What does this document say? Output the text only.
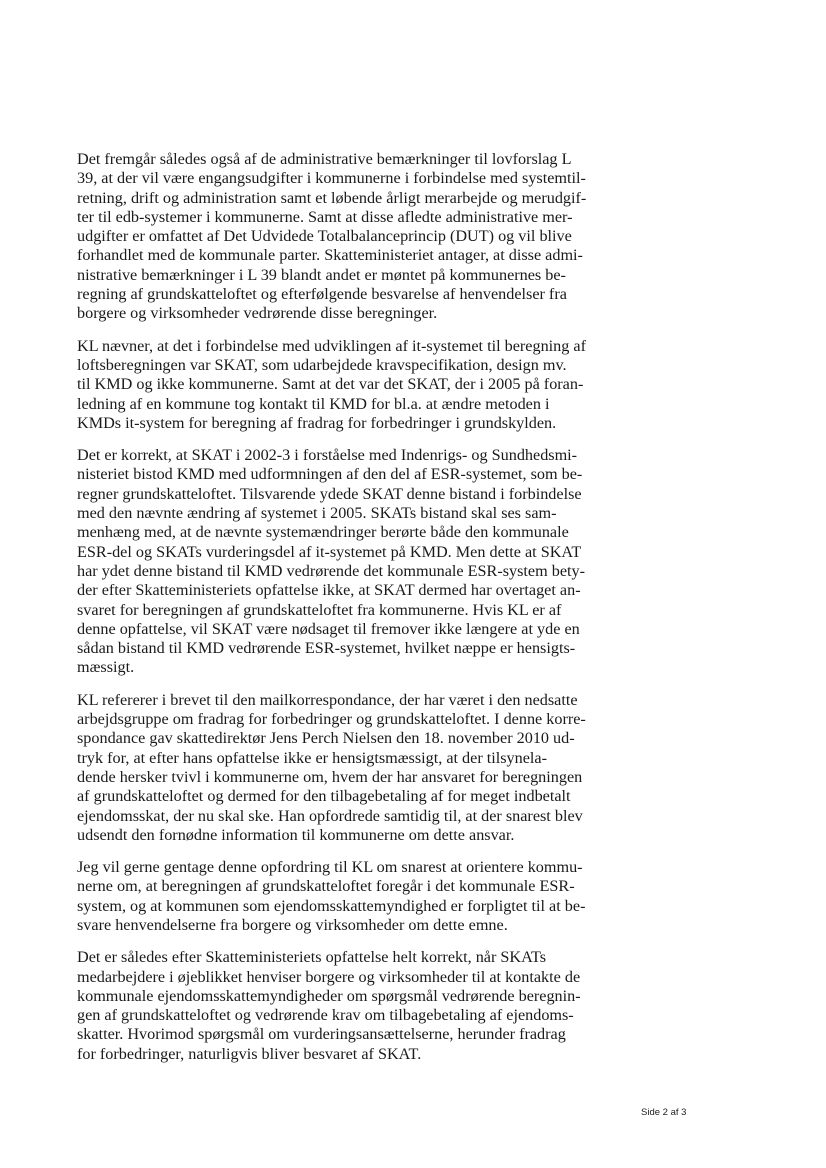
Det fremgår således også af de administrative bemærkninger til lovforslag L
39, at der vil være engangsudgifter i kommunerne i forbindelse med systemtil-
retning, drift og administration samt et løbende årligt merarbejde og merudgif-
ter til edb-systemer i kommunerne. Samt at disse afledte administrative mer-
udgifter er omfattet af Det Udvidede Totalbalanceprincip (DUT) og vil blive
forhandlet med de kommunale parter. Skatteministeriet antager, at disse admi-
nistrative bemærkninger i L 39 blandt andet er møntet på kommunernes be-
regning af grundskatteloftet og efterfølgende besvarelse af henvendelser fra
borgere og virksomheder vedrørende disse beregninger.

KL nævner, at det i forbindelse med udviklingen af it-systemet til beregning af
loftsberegningen var SKAT, som udarbejdede kravspecifikation, design mv.
til KMD og ikke kommunerne. Samt at det var det SKAT, der i 2005 på foran-
ledning af en kommune tog kontakt til KMD for bl.a. at ændre metoden i
KMDs it-system for beregning af fradrag for forbedringer i grundskylden.

Det er korrekt, at SKAT i 2002-3 i forståelse med Indenrigs- og Sundhedsmi-
nisteriet bistod KMD med udformningen af den del af ESR-systemet, som be-
regner grundskatteloftet. Tilsvarende ydede SKAT denne bistand i forbindelse
med den nævnte ændring af systemet i 2005. SKATs bistand skal ses sam-
menhæng med, at de nævnte systemændringer berørte både den kommunale
ESR-del og SKATs vurderingsdel af it-systemet på KMD. Men dette at SKAT
har ydet denne bistand til KMD vedrørende det kommunale ESR-system bety-
der efter Skatteministeriets opfattelse ikke, at SKAT dermed har overtaget an-
svaret for beregningen af grundskatteloftet fra kommunerne. Hvis KL er af
denne opfattelse, vil SKAT være nødsaget til fremover ikke længere at yde en
sådan bistand til KMD vedrørende ESR-systemet, hvilket næppe er hensigts-
mæssigt.

KL refererer i brevet til den mailkorrespondance, der har været i den nedsatte
arbejdsgruppe om fradrag for forbedringer og grundskatteloftet. I denne korre-
spondance gav skattedirektør Jens Perch Nielsen den 18. november 2010 ud-
tryk for, at efter hans opfattelse ikke er hensigtsmæssigt, at der tilsynela-
dende hersker tvivl i kommunerne om, hvem der har ansvaret for beregningen
af grundskatteloftet og dermed for den tilbagebetaling af for meget indbetalt
ejendomsskat, der nu skal ske. Han opfordrede samtidig til, at der snarest blev
udsendt den fornødne information til kommunerne om dette ansvar.

Jeg vil gerne gentage denne opfordring til KL om snarest at orientere kommu-
nerne om, at beregningen af grundskatteloftet foregår i det kommunale ESR-
system, og at kommunen som ejendomsskattemyndighed er forpligtet til at be-
svare henvendelserne fra borgere og virksomheder om dette emne.

Det er således efter Skatteministeriets opfattelse helt korrekt, når SKATs
medarbejdere i øjeblikket henviser borgere og virksomheder til at kontakte de
kommunale ejendomsskattemyndigheder om spørgsmål vedrørende beregnin-
gen af grundskatteloftet og vedrørende krav om tilbagebetaling af ejendoms-
skatter. Hvorimod spørgsmål om vurderingsansættelserne, herunder fradrag
for forbedringer, naturligvis bliver besvaret af SKAT.

Side 2 af 3
